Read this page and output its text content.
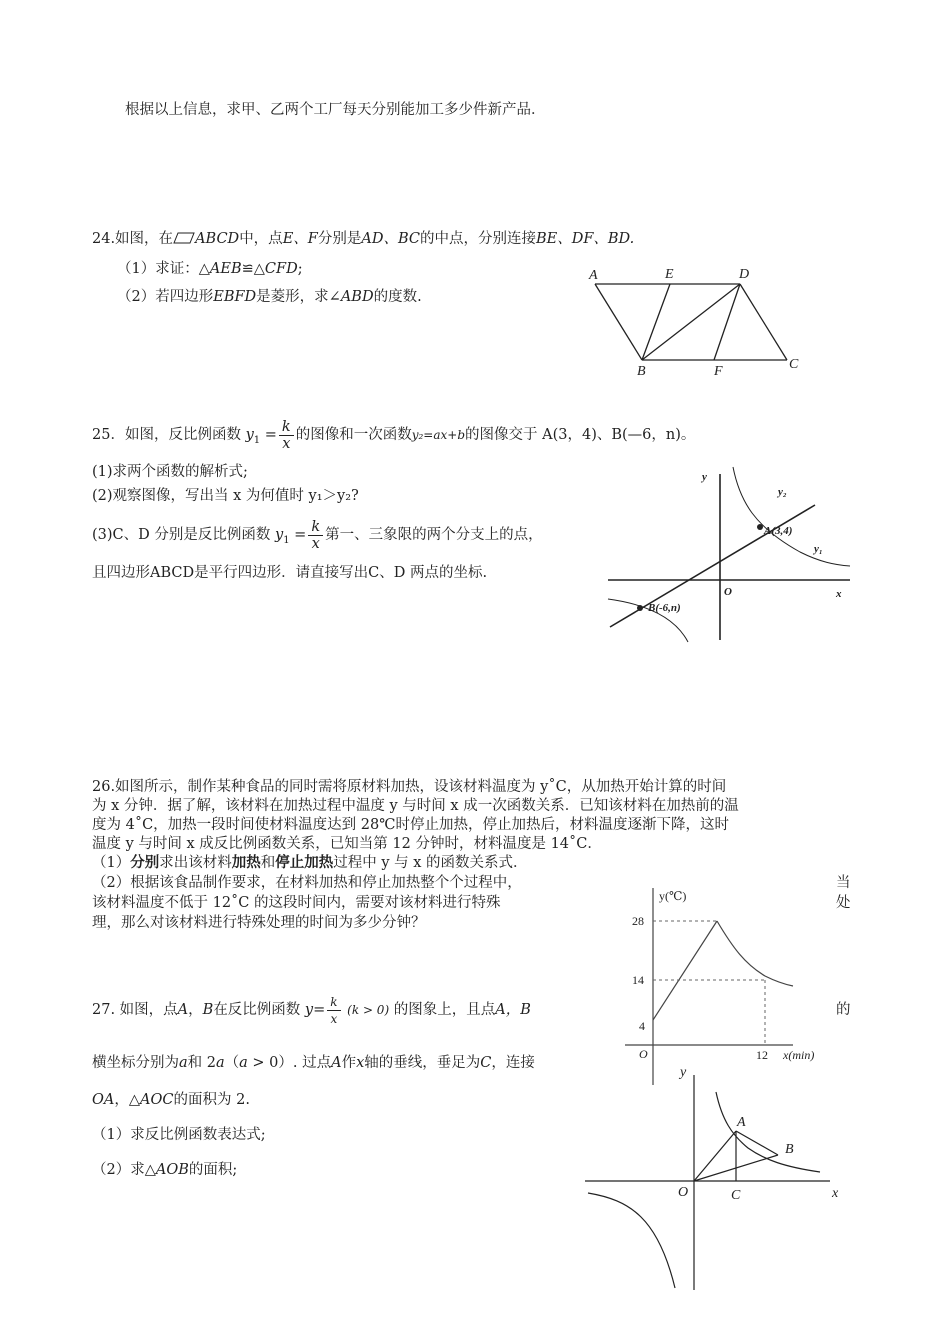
根据以上信息，求甲、乙两个工厂每天分别能加工多少件新产品．
24.如图，在 ABCD中，点E、F分别是AD、BC的中点，分别连接BE、DF、BD.
（1）求证：△AEB≌△CFD;
（2）若四边形EBFD是菱形，求∠ABD的度数.
A	E	D
B	F	C
25．如图，反比例函数 $y_1 = \frac{k}{x}$ 的图像和一次函数y₂=ax+b的图像交于 A(3，4)、B(—6，n)。
(1)求两个函数的解析式;
(2)观察图像，写出当 x 为何值时 y₁＞y₂?
(3)C、D 分别是反比例函数 $y_1 = \frac{k}{x}$ 第一、三象限的两个分支上的点，
且四边形ABCD是平行四边形．请直接写出C、D 两点的坐标.
y
y₂
A(3,4)
y₁
O	x
B(-6,n)
26.如图所示，制作某种食品的同时需将原材料加热，设该材料温度为 y˚C，从加热开始计算的时间
为 x 分钟．据了解，该材料在加热过程中温度 y 与时间 x 成一次函数关系．已知该材料在加热前的温
度为 4˚C，加热一段时间使材料温度达到 28℃时停止加热，停止加热后，材料温度逐渐下降，这时
温度 y 与时间 x 成反比例函数关系，已知当第 12 分钟时，材料温度是 14˚C．
（1）分别求出该材料加热和停止加热过程中 y 与 x 的函数关系式．
（2）根据该食品制作要求，在材料加热和停止加热整个个过程中，	当
该材料温度不低于 12˚C 的这段时间内，需要对该材料进行特殊	处
理，那么对该材料进行特殊处理的时间为多少分钟？
y(℃)
28
14
4
O	12 x(min)
27. 如图，点A，B在反比例函数 $y= \frac{k}{x} (k > 0)$ 的图象上，且点A，B	的
横坐标分别为a和 2a（a > 0）. 过点A作x轴的垂线，垂足为C，连接
OA，△AOC的面积为 2.
（1）求反比例函数表达式;
（2）求△AOB的面积;
y
A
B
O	C	x
